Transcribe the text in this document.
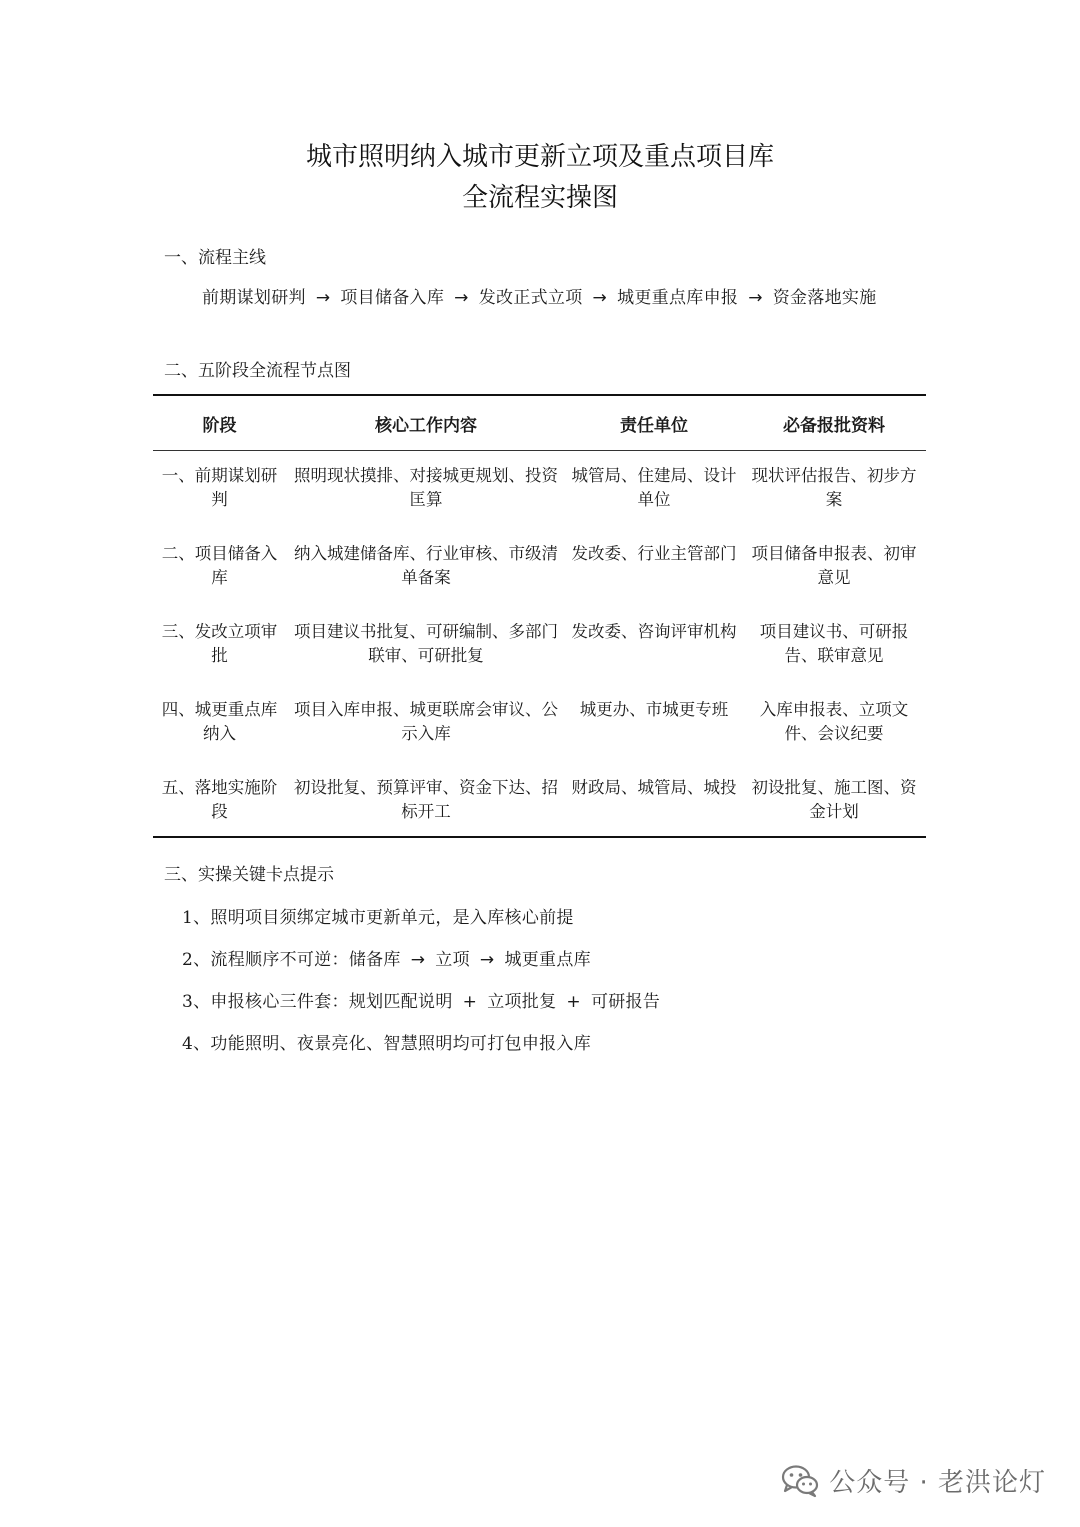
城市照明纳入城市更新立项及重点项目库
全流程实操图
一、流程主线
前期谋划研判 → 项目储备入库 → 发改正式立项 → 城更重点库申报 → 资金落地实施
二、五阶段全流程节点图
阶段	核心工作内容	责任单位	必备报批资料
一、前期谋划研判	照明现状摸排、对接城更规划、投资匡算	城管局、住建局、设计单位	现状评估报告、初步方案
二、项目储备入库	纳入城建储备库、行业审核、市级清单备案	发改委、行业主管部门	项目储备申报表、初审意见
三、发改立项审批	项目建议书批复、可研编制、多部门联审、可研批复	发改委、咨询评审机构	项目建议书、可研报告、联审意见
四、城更重点库纳入	项目入库申报、城更联席会审议、公示入库	城更办、市城更专班	入库申报表、立项文件、会议纪要
五、落地实施阶段	初设批复、预算评审、资金下达、招标开工	财政局、城管局、城投	初设批复、施工图、资金计划
三、实操关键卡点提示
1、照明项目须绑定城市更新单元，是入库核心前提
2、流程顺序不可逆：储备库 → 立项 → 城更重点库
3、申报核心三件套：规划匹配说明 + 立项批复 + 可研报告
4、功能照明、夜景亮化、智慧照明均可打包申报入库
公众号 · 老洪论灯
